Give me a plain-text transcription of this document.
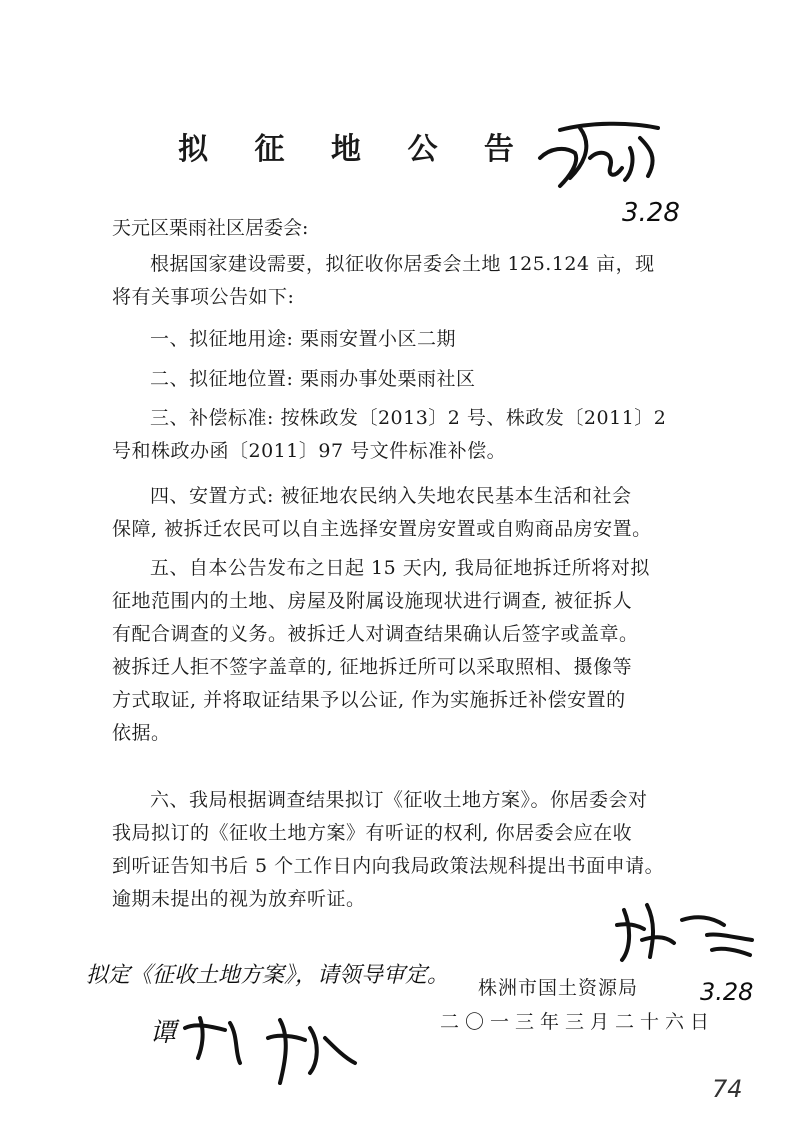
拟 征 地 公 告
3.28
天元区栗雨社区居委会:
根据国家建设需要，拟征收你居委会土地 125.124 亩，现
将有关事项公告如下:
一、拟征地用途: 栗雨安置小区二期
二、拟征地位置: 栗雨办事处栗雨社区
三、补偿标准: 按株政发〔2013〕2 号、株政发〔2011〕2
号和株政办函〔2011〕97 号文件标准补偿。
四、安置方式: 被征地农民纳入失地农民基本生活和社会
保障, 被拆迁农民可以自主选择安置房安置或自购商品房安置。
五、自本公告发布之日起 15 天内, 我局征地拆迁所将对拟
征地范围内的土地、房屋及附属设施现状进行调查, 被征拆人
有配合调查的义务。被拆迁人对调查结果确认后签字或盖章。
被拆迁人拒不签字盖章的, 征地拆迁所可以采取照相、摄像等
方式取证, 并将取证结果予以公证, 作为实施拆迁补偿安置的
依据。
六、我局根据调查结果拟订《征收土地方案》。你居委会对
我局拟订的《征收土地方案》有听证的权利, 你居委会应在收
到听证告知书后 5 个工作日内向我局政策法规科提出书面申请。
逾期未提出的视为放弃听证。
3.28
拟定《征收土地方案》，请领导审定。 株洲市国土资源局
二〇一三年三月二十六日
谭
74
